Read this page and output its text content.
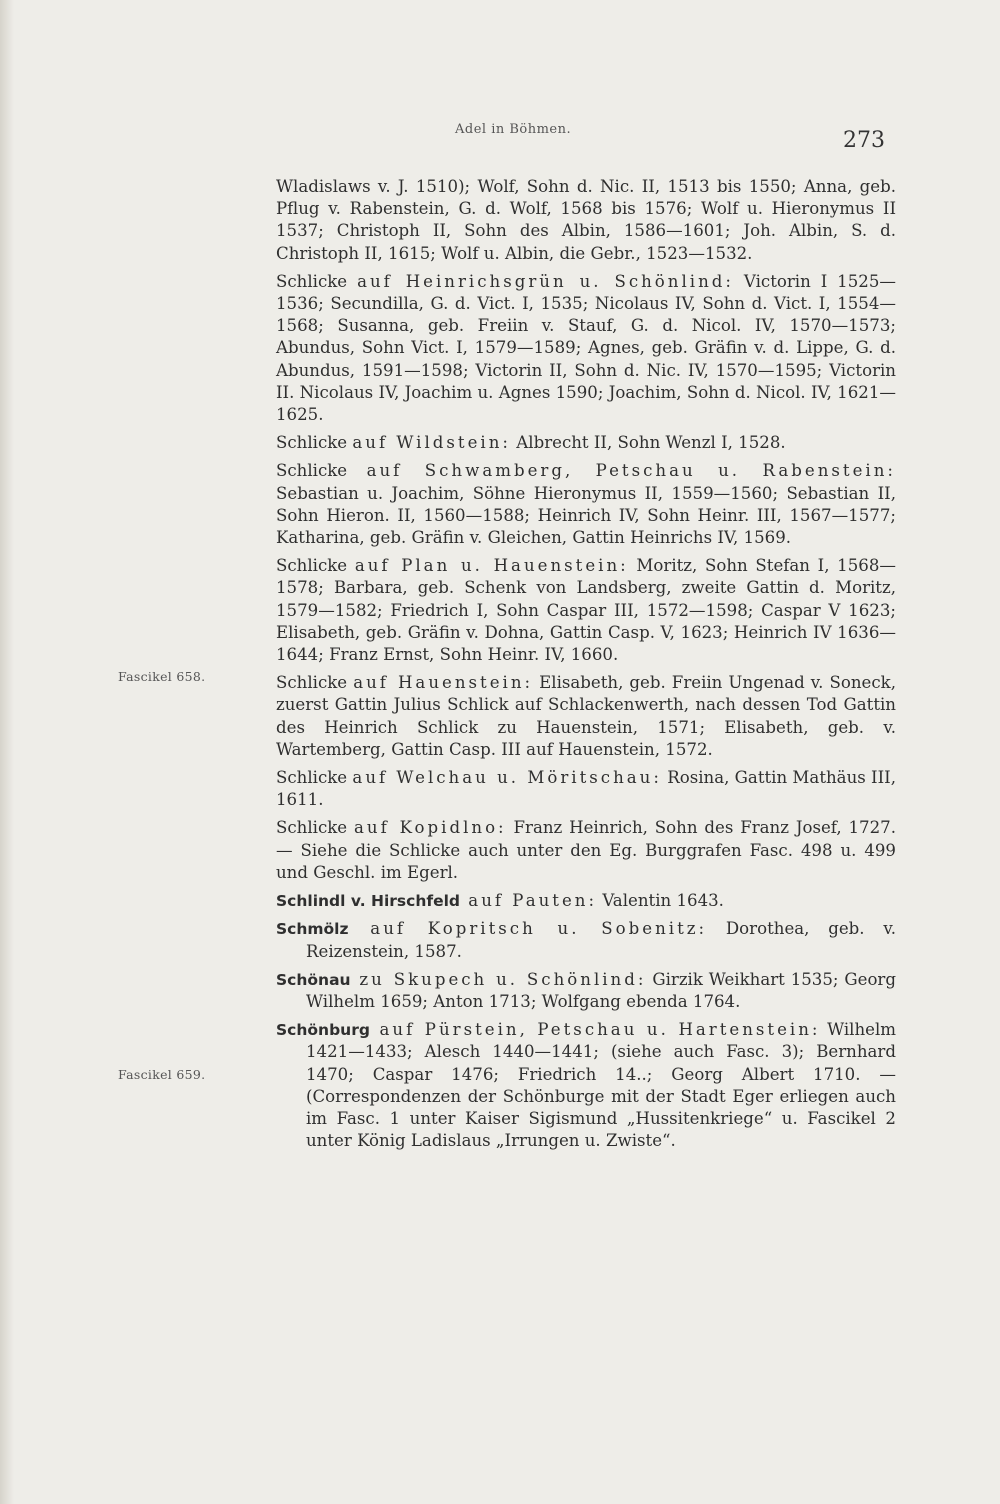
Adel in Böhmen.	273
Fascikel 658.
Fascikel 659.

Wladislaws v. J. 1510); Wolf, Sohn d. Nic. II, 1513 bis 1550; Anna, geb. Pflug v. Rabenstein, G. d. Wolf, 1568 bis 1576; Wolf u. Hieronymus II 1537; Christoph II, Sohn des Albin, 1586—1601; Joh. Albin, S. d. Christoph II, 1615; Wolf u. Albin, die Gebr., 1523—1532.

Schlicke auf Heinrichsgrün u. Schönlind: Victorin I 1525—1536; Secundilla, G. d. Vict. I, 1535; Nicolaus IV, Sohn d. Vict. I, 1554—1568; Susanna, geb. Freiin v. Stauf, G. d. Nicol. IV, 1570—1573; Abundus, Sohn Vict. I, 1579—1589; Agnes, geb. Gräfin v. d. Lippe, G. d. Abundus, 1591—1598; Victorin II, Sohn d. Nic. IV, 1570—1595; Victorin II. Nicolaus IV, Joachim u. Agnes 1590; Joachim, Sohn d. Nicol. IV, 1621—1625.

Schlicke auf Wildstein: Albrecht II, Sohn Wenzl I, 1528.

Schlicke auf Schwamberg, Petschau u. Rabenstein: Sebastian u. Joachim, Söhne Hieronymus II, 1559—1560; Sebastian II, Sohn Hieron. II, 1560—1588; Heinrich IV, Sohn Heinr. III, 1567—1577; Katharina, geb. Gräfin v. Gleichen, Gattin Heinrichs IV, 1569.

Schlicke auf Plan u. Hauenstein: Moritz, Sohn Stefan I, 1568—1578; Barbara, geb. Schenk von Landsberg, zweite Gattin d. Moritz, 1579—1582; Friedrich I, Sohn Caspar III, 1572—1598; Caspar V 1623; Elisabeth, geb. Gräfin v. Dohna, Gattin Casp. V, 1623; Heinrich IV 1636—1644; Franz Ernst, Sohn Heinr. IV, 1660.

Schlicke auf Hauenstein: Elisabeth, geb. Freiin Ungenad v. Soneck, zuerst Gattin Julius Schlick auf Schlackenwerth, nach dessen Tod Gattin des Heinrich Schlick zu Hauenstein, 1571; Elisabeth, geb. v. Wartemberg, Gattin Casp. III auf Hauenstein, 1572.

Schlicke auf Welchau u. Möritschau: Rosina, Gattin Mathäus III, 1611.

Schlicke auf Kopidlno: Franz Heinrich, Sohn des Franz Josef, 1727. — Siehe die Schlicke auch unter den Eg. Burggrafen Fasc. 498 u. 499 und Geschl. im Egerl.

Schlindl v. Hirschfeld auf Pauten: Valentin 1643.

Schmölz auf Kopritsch u. Sobenitz: Dorothea, geb. v. Reizenstein, 1587.

Schönau zu Skupech u. Schönlind: Girzik Weikhart 1535; Georg Wilhelm 1659; Anton 1713; Wolfgang ebenda 1764.

Schönburg auf Pürstein, Petschau u. Hartenstein: Wilhelm 1421—1433; Alesch 1440—1441; (siehe auch Fasc. 3); Bernhard 1470; Caspar 1476; Friedrich 14..; Georg Albert 1710. — (Correspondenzen der Schönburge mit der Stadt Eger erliegen auch im Fasc. 1 unter Kaiser Sigismund „Hussitenkriege“ u. Fascikel 2 unter König Ladislaus „Irrungen u. Zwiste“.
